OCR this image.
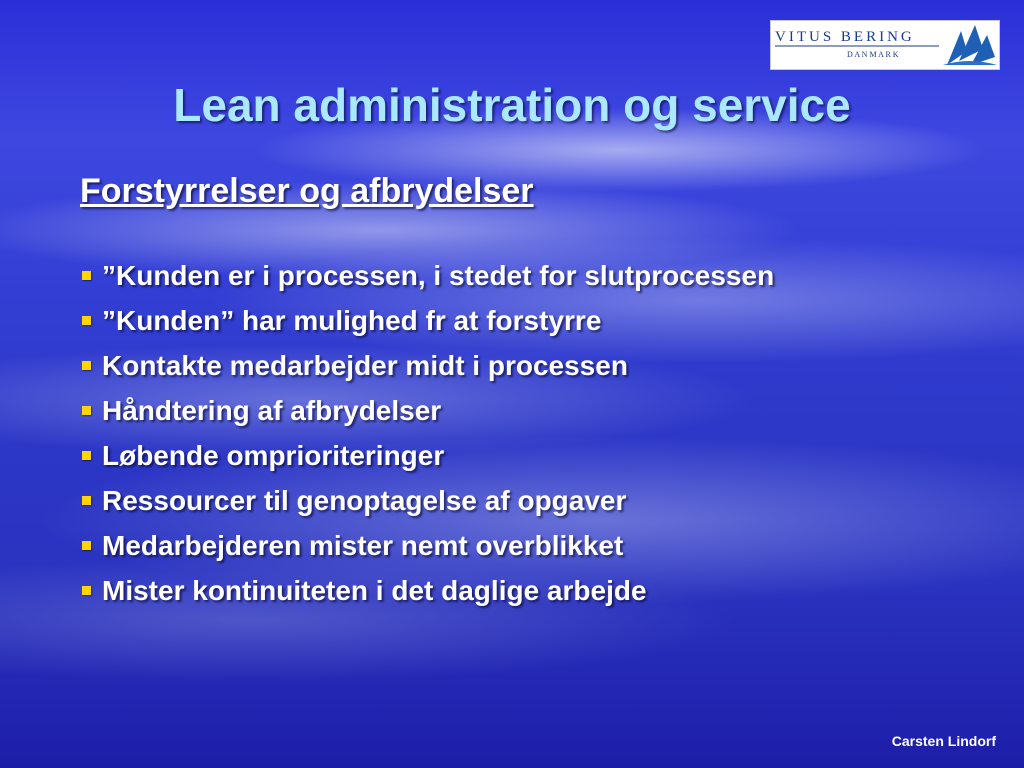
VITUS BERING
D A N M A R K
Lean administration og service
Forstyrrelser og afbrydelser
”Kunden er i processen, i stedet for slutprocessen
”Kunden” har mulighed fr at forstyrre
Kontakte medarbejder midt i processen
Håndtering af afbrydelser
Løbende omprioriteringer
Ressourcer til genoptagelse af opgaver
Medarbejderen mister nemt overblikket
Mister kontinuiteten i det daglige arbejde
Carsten Lindorf
